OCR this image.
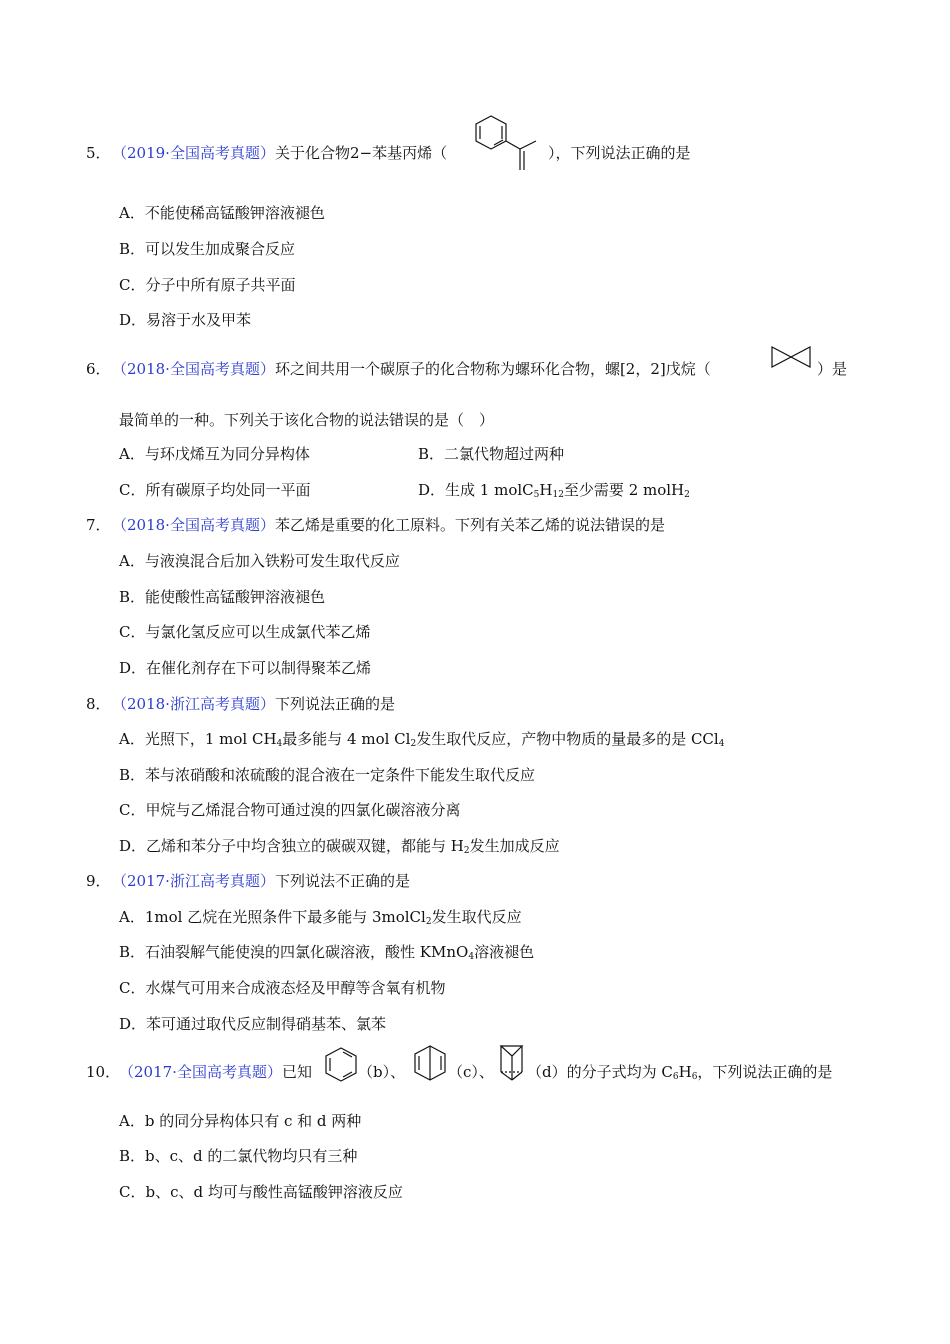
5． （2019·全国高考真题）关于化合物2−苯基丙烯（	），下列说法正确的是
A．不能使稀高锰酸钾溶液褪色
B．可以发生加成聚合反应
C．分子中所有原子共平面
D．易溶于水及甲苯
6． （2018·全国高考真题）环之间共用一个碳原子的化合物称为螺环化合物，螺[2，2]戊烷（	）是
最简单的一种。下列关于该化合物的说法错误的是（　）
A．与环戊烯互为同分异构体	B．二氯代物超过两种
C．所有碳原子均处同一平面	D．生成 1 $molC_5H_{12}$至少需要 2 molH$_2$
7． （2018·全国高考真题）苯乙烯是重要的化工原料。下列有关苯乙烯的说法错误的是
A．与液溴混合后加入铁粉可发生取代反应
B．能使酸性高锰酸钾溶液褪色
C．与氯化氢反应可以生成氯代苯乙烯
D．在催化剂存在下可以制得聚苯乙烯
8． （2018·浙江高考真题）下列说法正确的是
A．光照下，1 mol $CH_4$最多能与 4 mol $Cl_2$发生取代反应，产物中物质的量最多的是 CCl$_4$
B．苯与浓硝酸和浓硫酸的混合液在一定条件下能发生取代反应
C．甲烷与乙烯混合物可通过溴的四氯化碳溶液分离
D．乙烯和苯分子中均含独立的碳碳双键，都能与 $H_2$发生加成反应
9． （2017·浙江高考真题）下列说法不正确的是
A．1mol 乙烷在光照条件下最多能与 3molCl$_2$发生取代反应
B．石油裂解气能使溴的四氯化碳溶液，酸性 KMnO$_4$溶液褪色
C．水煤气可用来合成液态烃及甲醇等含氧有机物
D．苯可通过取代反应制得硝基苯、氯苯
10．
（2017·全国高考真题）已知	（b）、	（c）、 （d）的分子式均为 $C_6H_6$，下列说法正确的是
A．b 的同分异构体只有 c 和 d 两种
B．b、c、d 的二氯代物均只有三种
C．b、c、d 均可与酸性高锰酸钾溶液反应
